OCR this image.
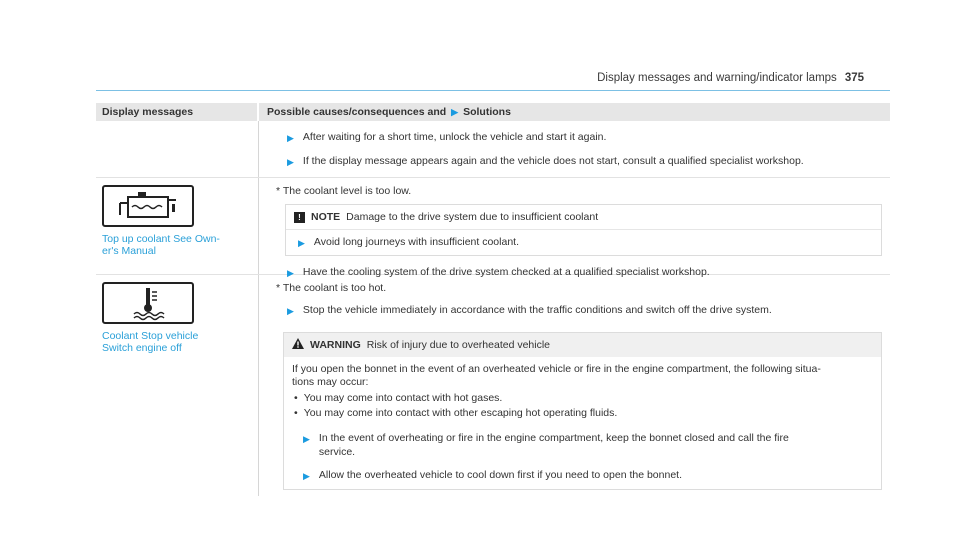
Display messages and warning/indicator lamps 375
Display messages	Possible causes/consequences and ▶ Solutions
▶ After waiting for a short time, unlock the vehicle and start it again.
▶ If the display message appears again and the vehicle does not start, consult a qualified specialist workshop.
Top up coolant See Own-
er's Manual
* The coolant level is too low.
! NOTE Damage to the drive system due to insufficient coolant
▶ Avoid long journeys with insufficient coolant.
▶ Have the cooling system of the drive system checked at a qualified specialist workshop.
Coolant Stop vehicle
Switch engine off
* The coolant is too hot.
▶ Stop the vehicle immediately in accordance with the traffic conditions and switch off the drive system.
WARNING Risk of injury due to overheated vehicle
If you open the bonnet in the event of an overheated vehicle or fire in the engine compartment, the following situa-
tions may occur:
• You may come into contact with hot gases.
• You may come into contact with other escaping hot operating fluids.
▶ In the event of overheating or fire in the engine compartment, keep the bonnet closed and call the fire
service.
▶ Allow the overheated vehicle to cool down first if you need to open the bonnet.
